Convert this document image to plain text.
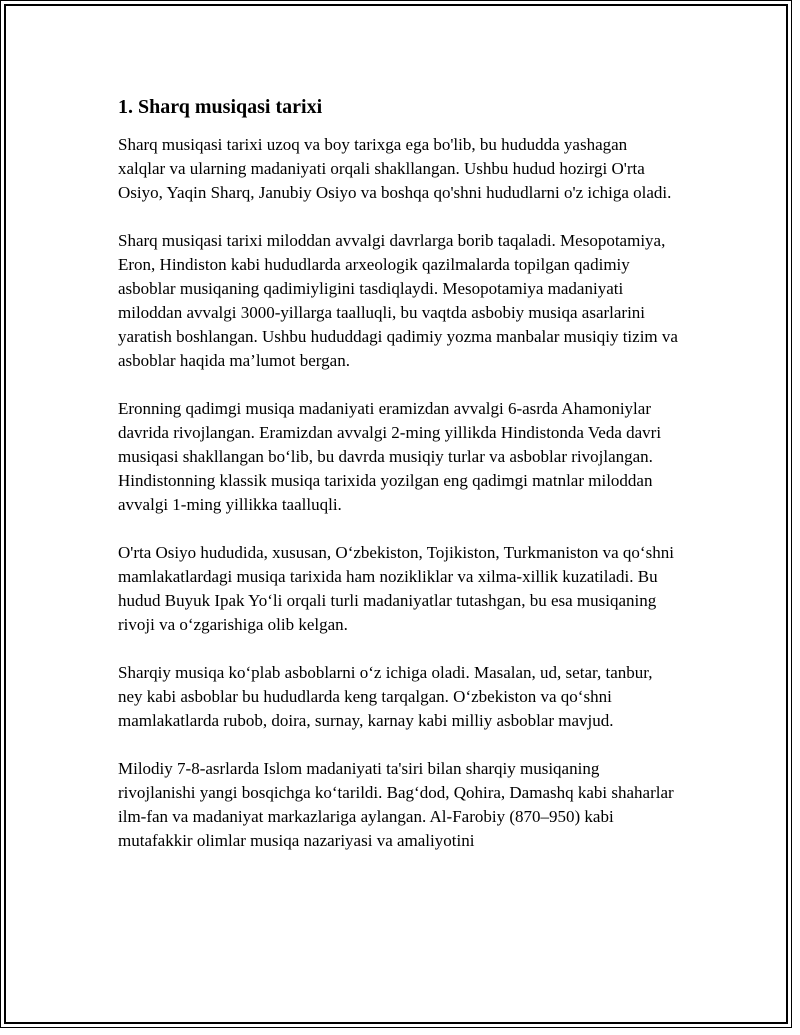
1. Sharq musiqasi tarixi

Sharq musiqasi tarixi uzoq va boy tarixga ega bo'lib, bu hududda yashagan xalqlar va ularning madaniyati orqali shakllangan. Ushbu hudud hozirgi O'rta Osiyo, Yaqin Sharq, Janubiy Osiyo va boshqa qo'shni hududlarni o'z ichiga oladi.

Sharq musiqasi tarixi miloddan avvalgi davrlarga borib taqaladi. Mesopotamiya, Eron, Hindiston kabi hududlarda arxeologik qazilmalarda topilgan qadimiy asboblar musiqaning qadimiyligini tasdiqlaydi. Mesopotamiya madaniyati miloddan avvalgi 3000-yillarga taalluqli, bu vaqtda asbobiy musiqa asarlarini yaratish boshlangan. Ushbu hududdagi qadimiy yozma manbalar musiqiy tizim va asboblar haqida ma’lumot bergan.

Eronning qadimgi musiqa madaniyati eramizdan avvalgi 6-asrda Ahamoniylar davrida rivojlangan. Eramizdan avvalgi 2-ming yillikda Hindistonda Veda davri musiqasi shakllangan bo‘lib, bu davrda musiqiy turlar va asboblar rivojlangan. Hindistonning klassik musiqa tarixida yozilgan eng qadimgi matnlar miloddan avvalgi 1-ming yillikka taalluqli.

O'rta Osiyo hududida, xususan, O‘zbekiston, Tojikiston, Turkmaniston va qo‘shni mamlakatlardagi musiqa tarixida ham nozikliklar va xilma-xillik kuzatiladi. Bu hudud Buyuk Ipak Yo‘li orqali turli madaniyatlar tutashgan, bu esa musiqaning rivoji va o‘zgarishiga olib kelgan.

Sharqiy musiqa ko‘plab asboblarni o‘z ichiga oladi. Masalan, ud, setar, tanbur, ney kabi asboblar bu hududlarda keng tarqalgan. O‘zbekiston va qo‘shni mamlakatlarda rubob, doira, surnay, karnay kabi milliy asboblar mavjud.

Milodiy 7-8-asrlarda Islom madaniyati ta'siri bilan sharqiy musiqaning rivojlanishi yangi bosqichga ko‘tarildi. Bag‘dod, Qohira, Damashq kabi shaharlar ilm-fan va madaniyat markazlariga aylangan. Al-Farobiy (870–950) kabi mutafakkir olimlar musiqa nazariyasi va amaliyotini
